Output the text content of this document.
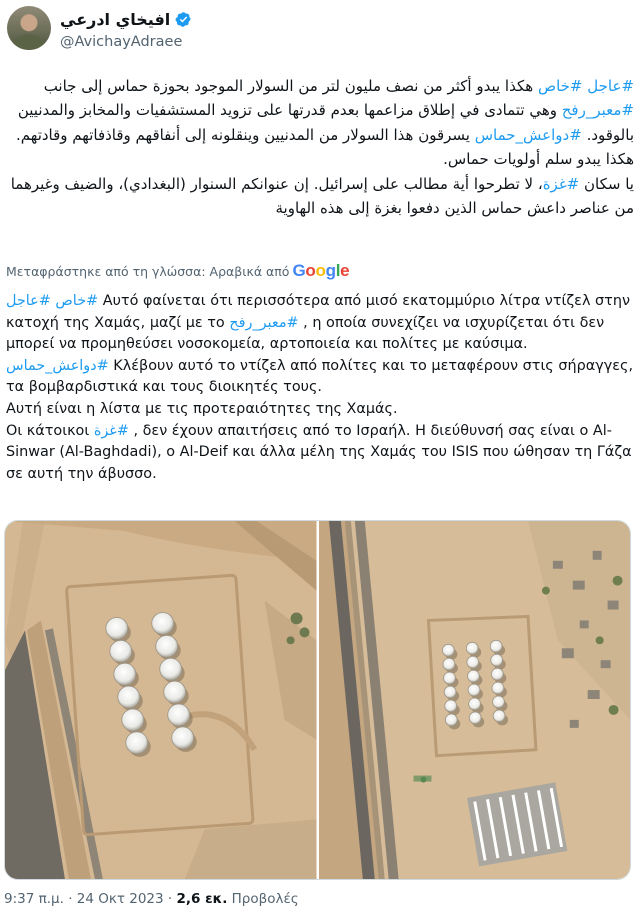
افيخاي ادرعي
@AvichayAdraee

#عاجل #خاص هكذا يبدو أكثر من نصف مليون لتر من السولار الموجود بحوزة حماس إلى جانب #معبر_رفح وهي تتمادى في إطلاق مزاعمها بعدم قدرتها على تزويد المستشفيات والمخابز والمدنيين بالوقود. #دواعش_حماس يسرقون هذا السولار من المدنيين وينقلونه إلى أنفاقهم وقاذفاتهم وقادتهم.

هكذا يبدو سلم أولويات حماس.

يا سكان #غزة، لا تطرحوا أية مطالب على إسرائيل. إن عنوانكم السنوار (البغدادي)، والضيف وغيرهما من عناصر داعش حماس الذين دفعوا بغزة إلى هذه الهاوية

Μεταφράστηκε από τη γλώσσα: Αραβικά από Google

#عاجل #خاص Αυτό φαίνεται ότι περισσότερα από μισό εκατομμύριο λίτρα ντίζελ στην κατοχή της Χαμάς, μαζί με το #معبر_رفح , η οποία συνεχίζει να ισχυρίζεται ότι δεν μπορεί να προμηθεύσει νοσοκομεία, αρτοποιεία και πολίτες με καύσιμα. #دواعش_حماس Κλέβουν αυτό το ντίζελ από πολίτες και το μεταφέρουν στις σήραγγες, τα βομβαρδιστικά και τους διοικητές τους.

Αυτή είναι η λίστα με τις προτεραιότητες της Χαμάς.

Οι κάτοικοι #غزة , δεν έχουν απαιτήσεις από το Ισραήλ. Η διεύθυνσή σας είναι ο Al-Sinwar (Al-Baghdadi), ο Al-Deif και άλλα μέλη της Χαμάς του ISIS που ώθησαν τη Γάζα σε αυτή την άβυσσο.

9:37 π.μ. · 24 Οκτ 2023 · 2,6 εκ. Προβολές
